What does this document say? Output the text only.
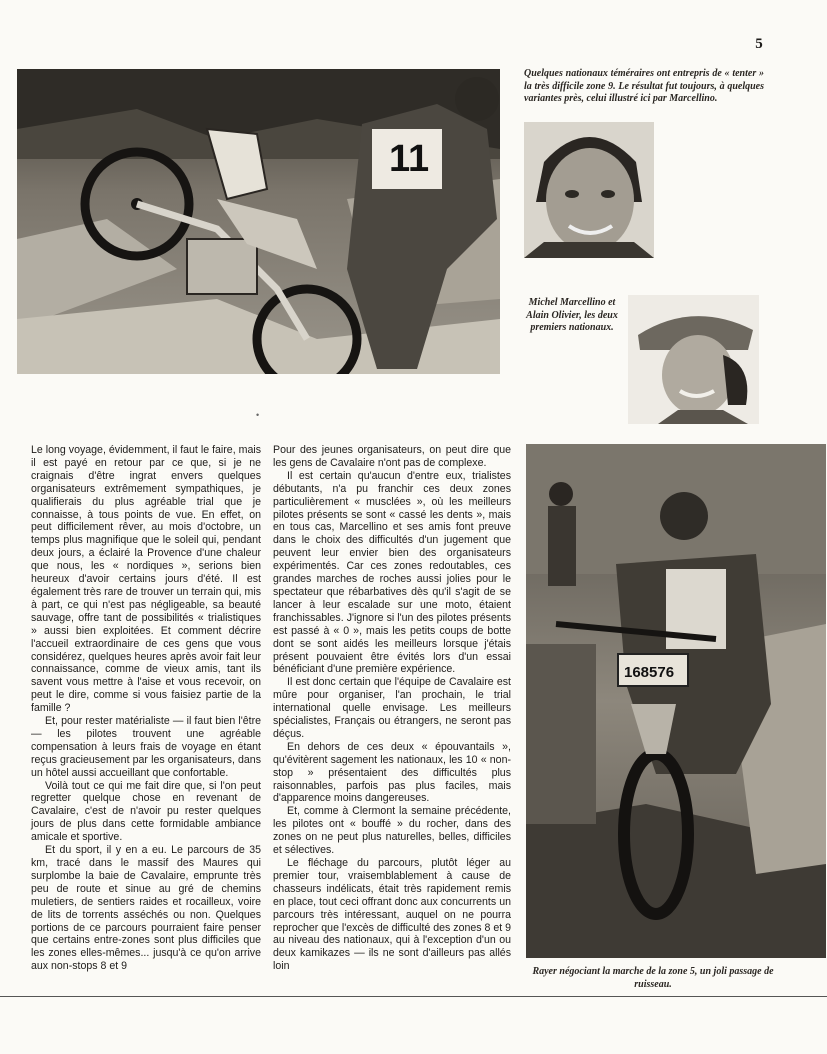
5
11
Quelques nationaux téméraires ont entrepris de « tenter » la très difficile zone 9. Le résultat fut toujours, à quelques variantes près, celui illustré ici par Marcellino.
Michel Marcellino et Alain Olivier, les deux premiers nationaux.
•

Le long voyage, évidemment, il faut le faire, mais il est payé en retour par ce que, si je ne craignais d'être ingrat envers quelques organisateurs extrêmement sympathiques, je qualifierais du plus agréable trial que je connaisse, à tous points de vue. En effet, on peut difficilement rêver, au mois d'octobre, un temps plus magnifique que le soleil qui, pendant deux jours, a éclairé la Provence d'une chaleur que nous, les « nordiques », serions bien heureux d'avoir certains jours d'été. Il est également très rare de trouver un terrain qui, mis à part, ce qui n'est pas négligeable, sa beauté sauvage, offre tant de possibilités « trialistiques » aussi bien exploitées. Et comment décrire l'accueil extraordinaire de ces gens que vous considérez, quelques heures après avoir fait leur connaissance, comme de vieux amis, tant ils savent vous mettre à l'aise et vous recevoir, on peut le dire, comme si vous faisiez partie de la famille ?

Et, pour rester matérialiste — il faut bien l'être — les pilotes trouvent une agréable compensation à leurs frais de voyage en étant reçus gracieusement par les organisateurs, dans un hôtel aussi accueillant que confortable.

Voilà tout ce qui me fait dire que, si l'on peut regretter quelque chose en revenant de Cavalaire, c'est de n'avoir pu rester quelques jours de plus dans cette formidable ambiance amicale et sportive.

Et du sport, il y en a eu. Le parcours de 35 km, tracé dans le massif des Maures qui surplombe la baie de Cavalaire, emprunte très peu de route et sinue au gré de chemins muletiers, de sentiers raides et rocailleux, voire de lits de torrents asséchés ou non. Quelques portions de ce parcours pourraient faire penser que certains entre-zones sont plus difficiles que les zones elles-mêmes... jusqu'à ce qu'on arrive aux non-stops 8 et 9

Pour des jeunes organisateurs, on peut dire que les gens de Cavalaire n'ont pas de complexe.

Il est certain qu'aucun d'entre eux, trialistes débutants, n'a pu franchir ces deux zones particulièrement « musclées », où les meilleurs pilotes présents se sont « cassé les dents », mais en tous cas, Marcellino et ses amis font preuve dans le choix des difficultés d'un jugement que peuvent leur envier bien des organisateurs expérimentés. Car ces zones redoutables, ces grandes marches de roches aussi jolies pour le spectateur que rébarbatives dès qu'il s'agit de se lancer à leur escalade sur une moto, étaient franchissables. J'ignore si l'un des pilotes présents est passé à « 0 », mais les petits coups de botte dont se sont aidés les meilleurs lorsque j'étais présent pouvaient être évités lors d'un essai bénéficiant d'une première expérience.

Il est donc certain que l'équipe de Cavalaire est mûre pour organiser, l'an prochain, le trial international quelle envisage. Les meilleurs spécialistes, Français ou étrangers, ne seront pas déçus.

En dehors de ces deux « épouvantails », qu'évitèrent sagement les nationaux, les 10 « non-stop » présentaient des difficultés plus raisonnables, parfois pas plus faciles, mais d'apparence moins dangereuses.

Et, comme à Clermont la semaine précédente, les pilotes ont « bouffé » du rocher, dans des zones on ne peut plus naturelles, belles, difficiles et sélectives.

Le fléchage du parcours, plutôt léger au premier tour, vraisemblablement à cause de chasseurs indélicats, était très rapidement remis en place, tout ceci offrant donc aux concurrents un parcours très intéressant, auquel on ne pourra reprocher que l'excès de difficulté des zones 8 et 9 au niveau des nationaux, qui à l'exception d'un ou deux kamikazes — ils ne sont d'ailleurs pas allés loin

168576
Rayer négociant la marche de la zone 5, un joli passage de ruisseau.
